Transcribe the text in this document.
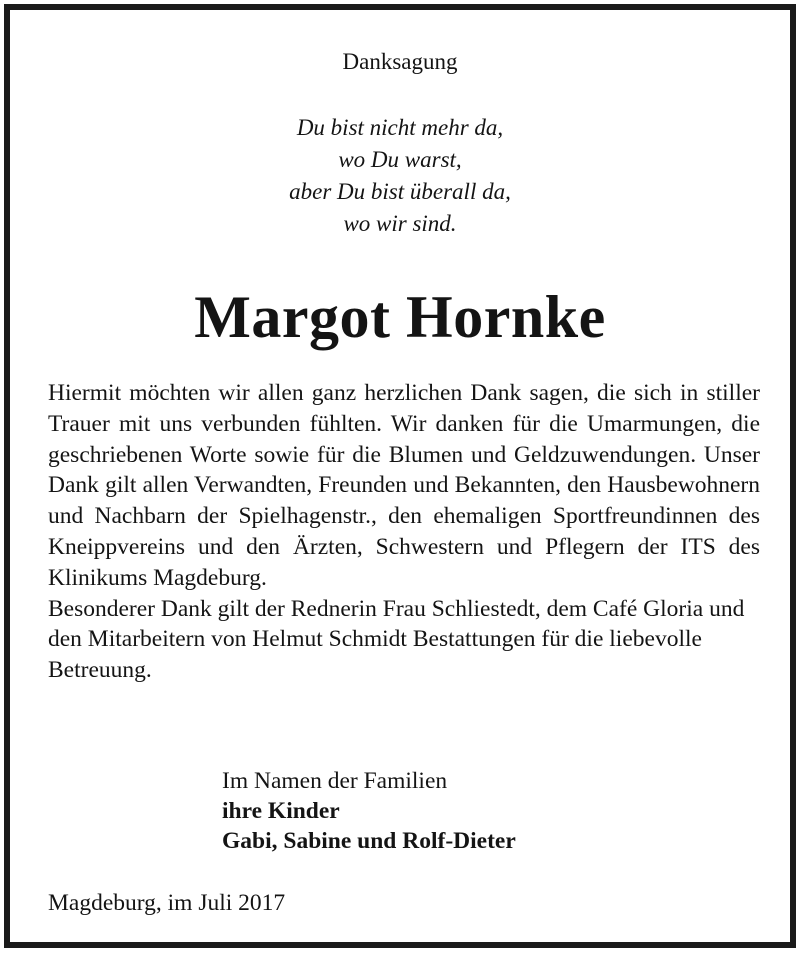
Danksagung
Du bist nicht mehr da,
wo Du warst,
aber Du bist überall da,
wo wir sind.
Margot Hornke
Hiermit möchten wir allen ganz herzlichen Dank sagen, die sich in stiller Trauer mit uns verbunden fühlten. Wir danken für die Umarmungen, die geschriebenen Worte sowie für die Blumen und Geldzuwendungen. Unser Dank gilt allen Verwandten, Freunden und Bekannten, den Hausbewohnern und Nachbarn der Spielhagenstr., den ehemaligen Sportfreundinnen des Kneippvereins und den Ärzten, Schwestern und Pflegern der ITS des Klinikums Magdeburg.
Besonderer Dank gilt der Rednerin Frau Schliestedt, dem Café Gloria und den Mitarbeitern von Helmut Schmidt Bestattungen für die liebevolle Betreuung.
Im Namen der Familien
ihre Kinder
Gabi, Sabine und Rolf-Dieter
Magdeburg, im Juli 2017
